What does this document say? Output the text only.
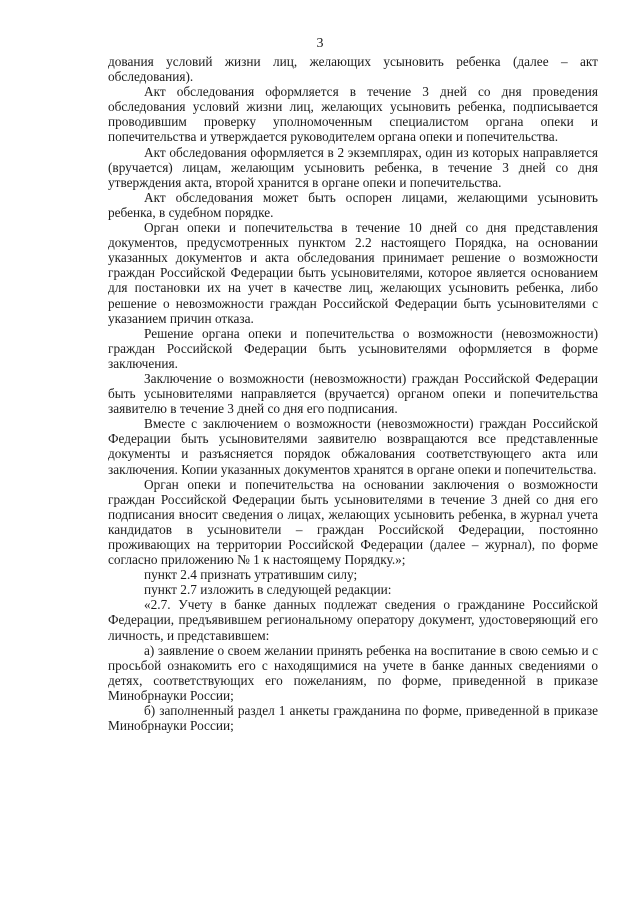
3

дования условий жизни лиц, желающих усыновить ребенка (далее – акт обследования).

Акт обследования оформляется в течение 3 дней со дня проведения обследования условий жизни лиц, желающих усыновить ребенка, подписывается проводившим проверку уполномоченным специалистом органа опеки и попечительства и утверждается руководителем органа опеки и попечительства.

Акт обследования оформляется в 2 экземплярах, один из которых направляется (вручается) лицам, желающим усыновить ребенка, в течение 3 дней со дня утверждения акта, второй хранится в органе опеки и попечительства.

Акт обследования может быть оспорен лицами, желающими усыновить ребенка, в судебном порядке.

Орган опеки и попечительства в течение 10 дней со дня представления документов, предусмотренных пунктом 2.2 настоящего Порядка, на основании указанных документов и акта обследования принимает решение о возможности граждан Российской Федерации быть усыновителями, которое является основанием для постановки их на учет в качестве лиц, желающих усыновить ребенка, либо решение о невозможности граждан Российской Федерации быть усыновителями с указанием причин отказа.

Решение органа опеки и попечительства о возможности (невозможности) граждан Российской Федерации быть усыновителями оформляется в форме заключения.

Заключение о возможности (невозможности) граждан Российской Федерации быть усыновителями направляется (вручается) органом опеки и попечительства заявителю в течение 3 дней со дня его подписания.

Вместе с заключением о возможности (невозможности) граждан Российской Федерации быть усыновителями заявителю возвращаются все представленные документы и разъясняется порядок обжалования соответствующего акта или заключения. Копии указанных документов хранятся в органе опеки и попечительства.

Орган опеки и попечительства на основании заключения о возможности граждан Российской Федерации быть усыновителями в течение 3 дней со дня его подписания вносит сведения о лицах, желающих усыновить ребенка, в журнал учета кандидатов в усыновители – граждан Российской Федерации, постоянно проживающих на территории Российской Федерации (далее – журнал), по форме согласно приложению № 1 к настоящему Порядку.»;

пункт 2.4 признать утратившим силу;

пункт 2.7 изложить в следующей редакции:

«2.7. Учету в банке данных подлежат сведения о гражданине Российской Федерации, предъявившем региональному оператору документ, удостоверяющий его личность, и представившем:

а) заявление о своем желании принять ребенка на воспитание в свою семью и с просьбой ознакомить его с находящимися на учете в банке данных сведениями о детях, соответствующих его пожеланиям, по форме, приведенной в приказе Минобрнауки России;

б) заполненный раздел 1 анкеты гражданина по форме, приведенной в приказе Минобрнауки России;
